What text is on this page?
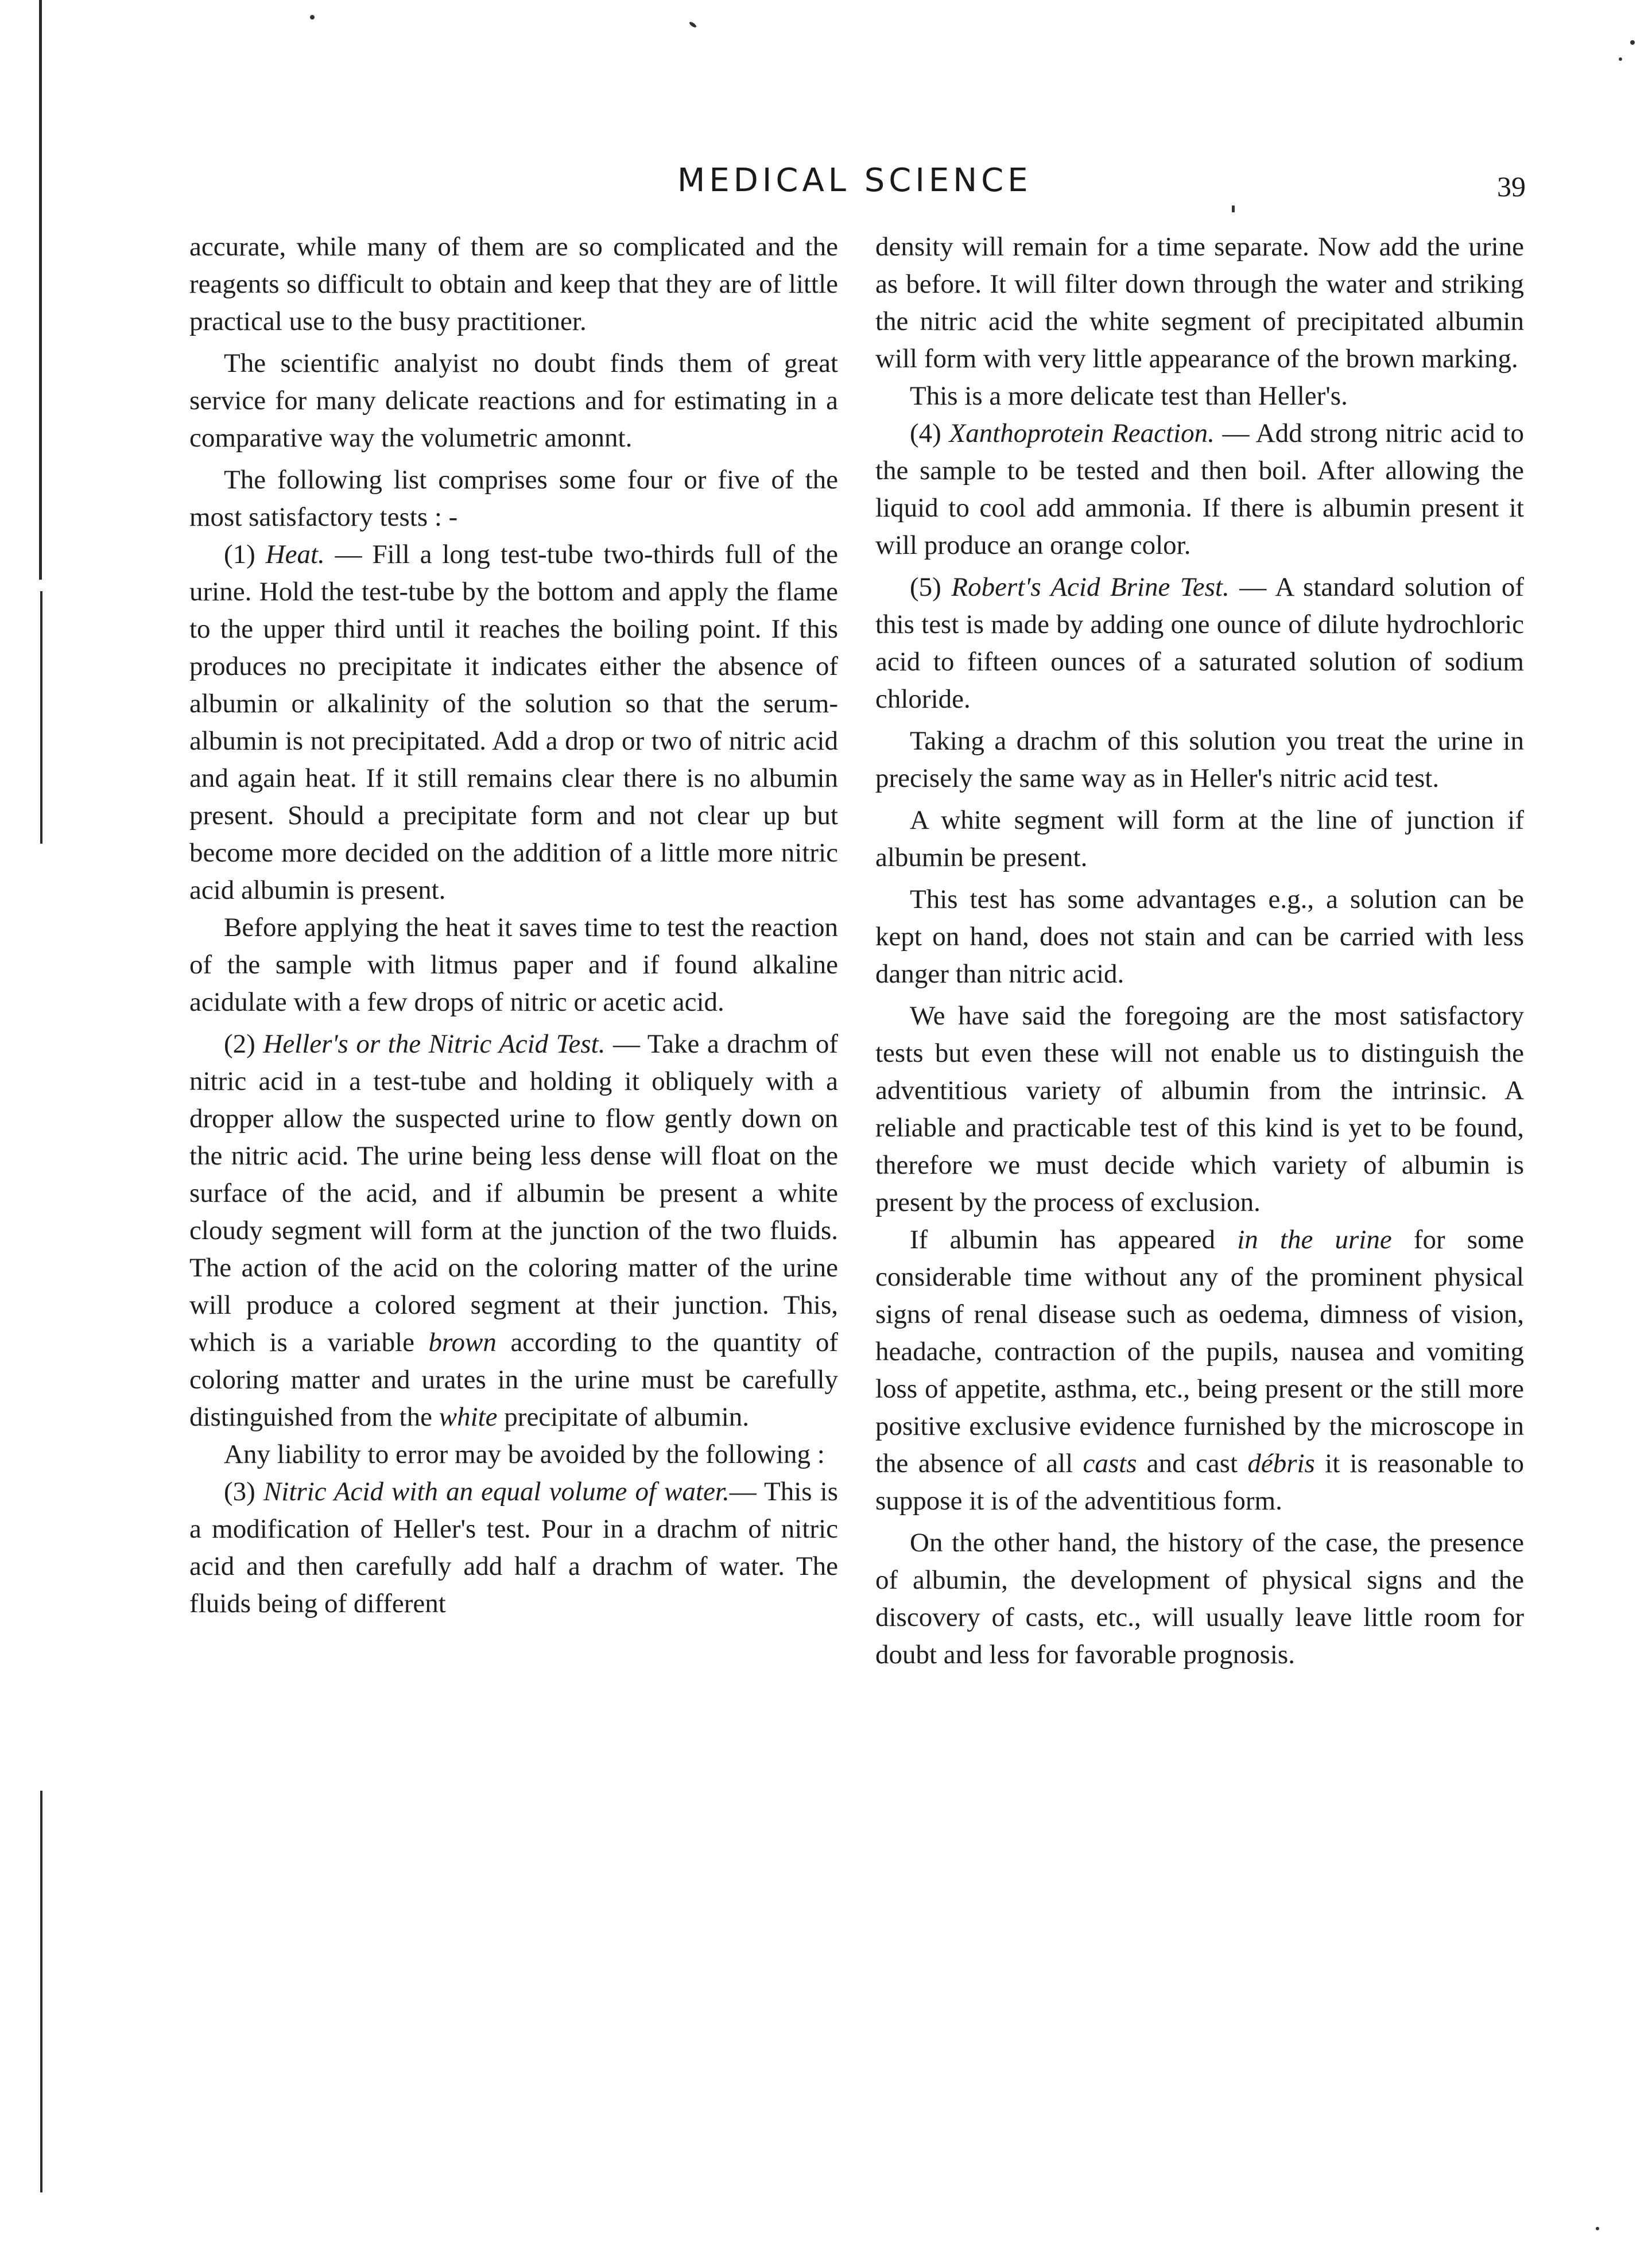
MEDICAL SCIENCE	39

accurate, while many of them are so complicated and the reagents so difficult to obtain and keep that they are of little practical use to the busy practitioner.

The scientific analyist no doubt finds them of great service for many delicate reactions and for estimating in a comparative way the volumetric amonnt.

The following list comprises some four or five of the most satisfactory tests : -

(1) Heat. — Fill a long test-tube two-thirds full of the urine. Hold the test-tube by the bottom and apply the flame to the upper third until it reaches the boiling point. If this produces no precipitate it indicates either the absence of albumin or alkalinity of the solution so that the serum-albumin is not precipitated. Add a drop or two of nitric acid and again heat. If it still remains clear there is no albumin present. Should a precipitate form and not clear up but become more decided on the addition of a little more nitric acid albumin is present.

Before applying the heat it saves time to test the reaction of the sample with litmus paper and if found alkaline acidulate with a few drops of nitric or acetic acid.

(2) Heller's or the Nitric Acid Test. — Take a drachm of nitric acid in a test-tube and holding it obliquely with a dropper allow the suspected urine to flow gently down on the nitric acid. The urine being less dense will float on the surface of the acid, and if albumin be present a white cloudy segment will form at the junction of the two fluids. The action of the acid on the coloring matter of the urine will produce a colored segment at their junction. This, which is a variable brown according to the quantity of coloring matter and urates in the urine must be carefully distinguished from the white precipitate of albumin.

Any liability to error may be avoided by the following :

(3) Nitric Acid with an equal volume of water.— This is a modification of Heller's test. Pour in a drachm of nitric acid and then carefully add half a drachm of water. The fluids being of different

density will remain for a time separate. Now add the urine as before. It will filter down through the water and striking the nitric acid the white segment of precipitated albumin will form with very little appearance of the brown marking.

This is a more delicate test than Heller's.

(4) Xanthoprotein Reaction. — Add strong nitric acid to the sample to be tested and then boil. After allowing the liquid to cool add ammonia. If there is albumin present it will produce an orange color.

(5) Robert's Acid Brine Test. — A standard solution of this test is made by adding one ounce of dilute hydrochloric acid to fifteen ounces of a saturated solution of sodium chloride.

Taking a drachm of this solution you treat the urine in precisely the same way as in Heller's nitric acid test.

A white segment will form at the line of junction if albumin be present.

This test has some advantages e.g., a solution can be kept on hand, does not stain and can be carried with less danger than nitric acid.

We have said the foregoing are the most satisfactory tests but even these will not enable us to distinguish the adventitious variety of albumin from the intrinsic. A reliable and practicable test of this kind is yet to be found, therefore we must decide which variety of albumin is present by the process of exclusion.

If albumin has appeared in the urine for some considerable time without any of the prominent physical signs of renal disease such as oedema, dimness of vision, headache, contraction of the pupils, nausea and vomiting loss of appetite, asthma, etc., being present or the still more positive exclusive evidence furnished by the microscope in the absence of all casts and cast débris it is reasonable to suppose it is of the adventitious form.

On the other hand, the history of the case, the presence of albumin, the development of physical signs and the discovery of casts, etc., will usually leave little room for doubt and less for favorable prognosis.
